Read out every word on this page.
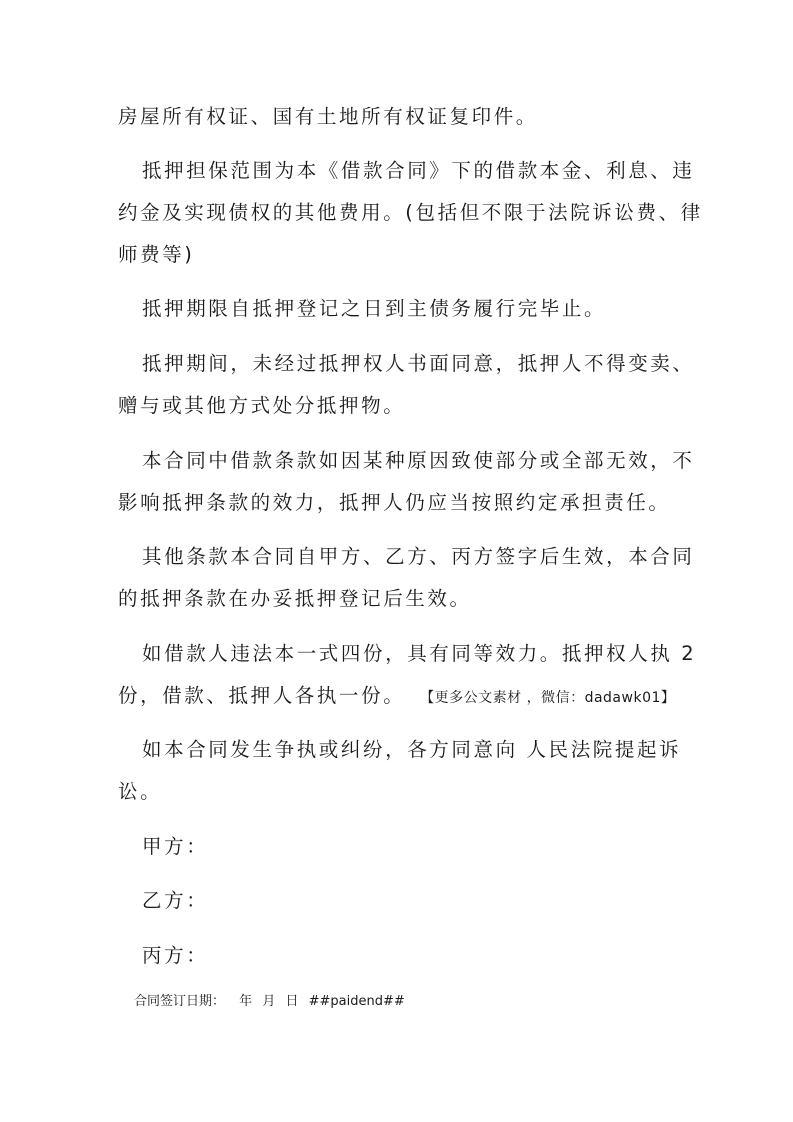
房屋所有权证、国有土地所有权证复印件。
抵押担保范围为本《借款合同》下的借款本金、利息、违
约金及实现债权的其他费用。(包括但不限于法院诉讼费、律
师费等)
抵押期限自抵押登记之日到主债务履行完毕止。
抵押期间，未经过抵押权人书面同意，抵押人不得变卖、
赠与或其他方式处分抵押物。
本合同中借款条款如因某种原因致使部分或全部无效，不
影响抵押条款的效力，抵押人仍应当按照约定承担责任。
其他条款本合同自甲方、乙方、丙方签字后生效，本合同
的抵押条款在办妥抵押登记后生效。
如借款人违法本一式四份，具有同等效力。抵押权人执 2
份，借款、抵押人各执一份。 【更多公文素材 ，微信：dadawk01】
如本合同发生争执或纠纷，各方同意向 人民法院提起诉
讼。
甲方：
乙方：
丙方：
合同签订日期： 年 月 日 ##paidend##
